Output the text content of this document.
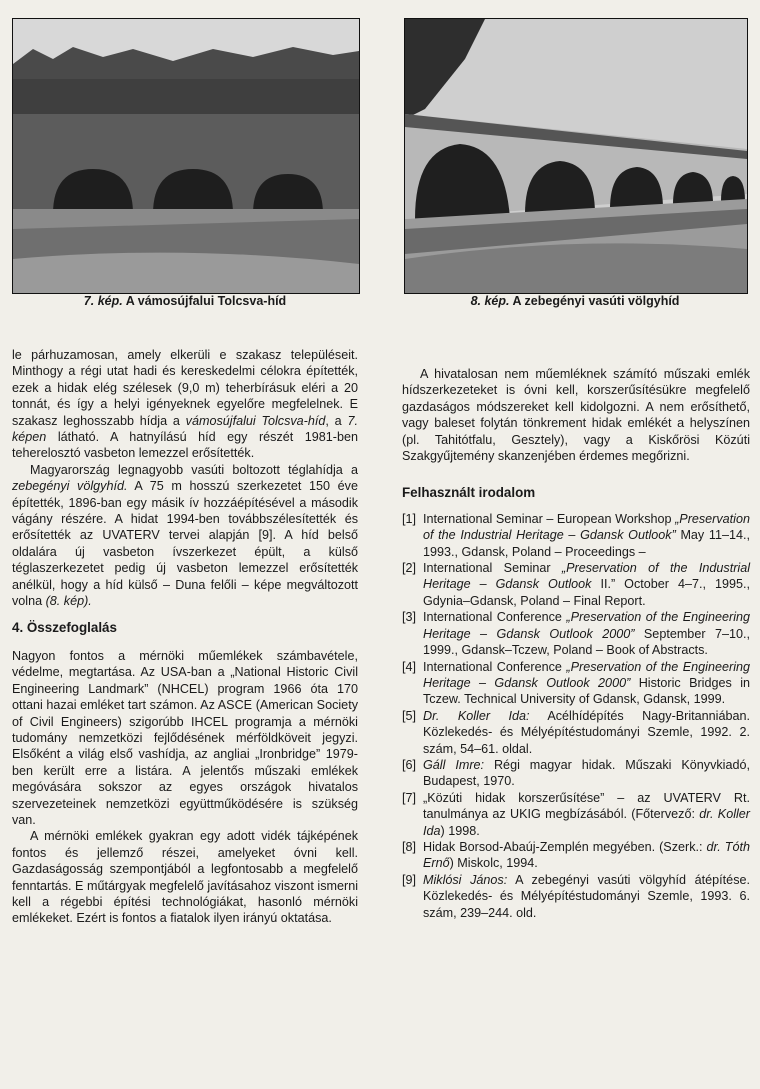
7. kép. A vámosújfalui Tolcsva-híd	8. kép. A zebegényi vasúti völgyhíd

le párhuzamosan, amely elkerüli e szakasz településeit. Minthogy a régi utat hadi és kereskedelmi célokra építették, ezek a hidak elég szélesek (9,0 m) teherbírásuk eléri a 20 tonnát, és így a helyi igényeknek egyelőre megfelelnek. E szakasz leghosszabb hídja a vámosújfalui Tolcsva-híd, a 7. képen látható. A hatnyílású híd egy részét 1981-ben teherelosztó vasbeton lemezzel erősítették.

Magyarország legnagyobb vasúti boltozott téglahídja a zebegényi völgyhíd. A 75 m hosszú szerkezetet 150 éve építették, 1896-ban egy másik ív hozzáépítésével a második vágány részére. A hidat 1994-ben továbbszélesítették és erősítették az UVATERV tervei alapján [9]. A híd belső oldalára új vasbeton ívszerkezet épült, a külső téglaszerkezetet pedig új vasbeton lemezzel erősítették anélkül, hogy a híd külső – Duna felőli – képe megváltozott volna (8. kép).

4. Összefoglalás

Nagyon fontos a mérnöki műemlékek számbavétele, védelme, megtartása. Az USA-ban a „National Historic Civil Engineering Landmark” (NHCEL) program 1966 óta 170 ottani hazai emléket tart számon. Az ASCE (American Society of Civil Engineers) szigorúbb IHCEL programja a mérnöki tudomány nemzetközi fejlődésének mérföldköveit jegyzi. Elsőként a világ első vashídja, az angliai „Ironbridge” 1979-ben került erre a listára. A jelentős műszaki emlékek megóvására sokszor az egyes országok hivatalos szervezeteinek nemzetközi együttműködésére is szükség van.

A mérnöki emlékek gyakran egy adott vidék tájképének fontos és jellemző részei, amelyeket óvni kell. Gazdaságosság szempontjából a legfontosabb a megfelelő fenntartás. E műtárgyak megfelelő javításahoz viszont ismerni kell a régebbi építési technológiákat, hasonló mérnöki emlékeket. Ezért is fontos a fiatalok ilyen irányú oktatása.

A hivatalosan nem műemléknek számító műszaki emlék hídszerkezeteket is óvni kell, korszerűsítésükre megfelelő gazdaságos módszereket kell kidolgozni. A nem erősíthető, vagy baleset folytán tönkrement hidak emlékét a helyszínen (pl. Tahitótfalu, Gesztely), vagy a Kiskőrösi Közúti Szakgyűjtemény skanzenjében érdemes megőrizni.

Felhasznált irodalom
[1] International Seminar – European Workshop „Preservation of the Industrial Heritage – Gdansk Outlook” May 11–14., 1993., Gdansk, Poland – Proceedings –
[2] International Seminar „Preservation of the Industrial Heritage – Gdansk Outlook II.” October 4–7., 1995., Gdynia–Gdansk, Poland – Final Report.
[3] International Conference „Preservation of the Engineering Heritage – Gdansk Outlook 2000” September 7–10., 1999., Gdansk–Tczew, Poland – Book of Abstracts.
[4] International Conference „Preservation of the Engineering Heritage – Gdansk Outlook 2000” Historic Bridges in Tczew. Technical University of Gdansk, Gdansk, 1999.
[5] Dr. Koller Ida: Acélhídépítés Nagy-Britanniában. Közlekedés- és Mélyépítéstudományi Szemle, 1992. 2. szám, 54–61. oldal.
[6] Gáll Imre: Régi magyar hidak. Műszaki Könyvkiadó, Budapest, 1970.
[7] „Közúti hidak korszerűsítése” – az UVATERV Rt. tanulmánya az UKIG megbízásából. (Főtervező: dr. Koller Ida) 1998.
[8] Hidak Borsod-Abaúj-Zemplén megyében. (Szerk.: dr. Tóth Ernő) Miskolc, 1994.
[9] Miklósi János: A zebegényi vasúti völgyhíd átépítése. Közlekedés- és Mélyépítéstudományi Szemle, 1993. 6. szám, 239–244. old.
